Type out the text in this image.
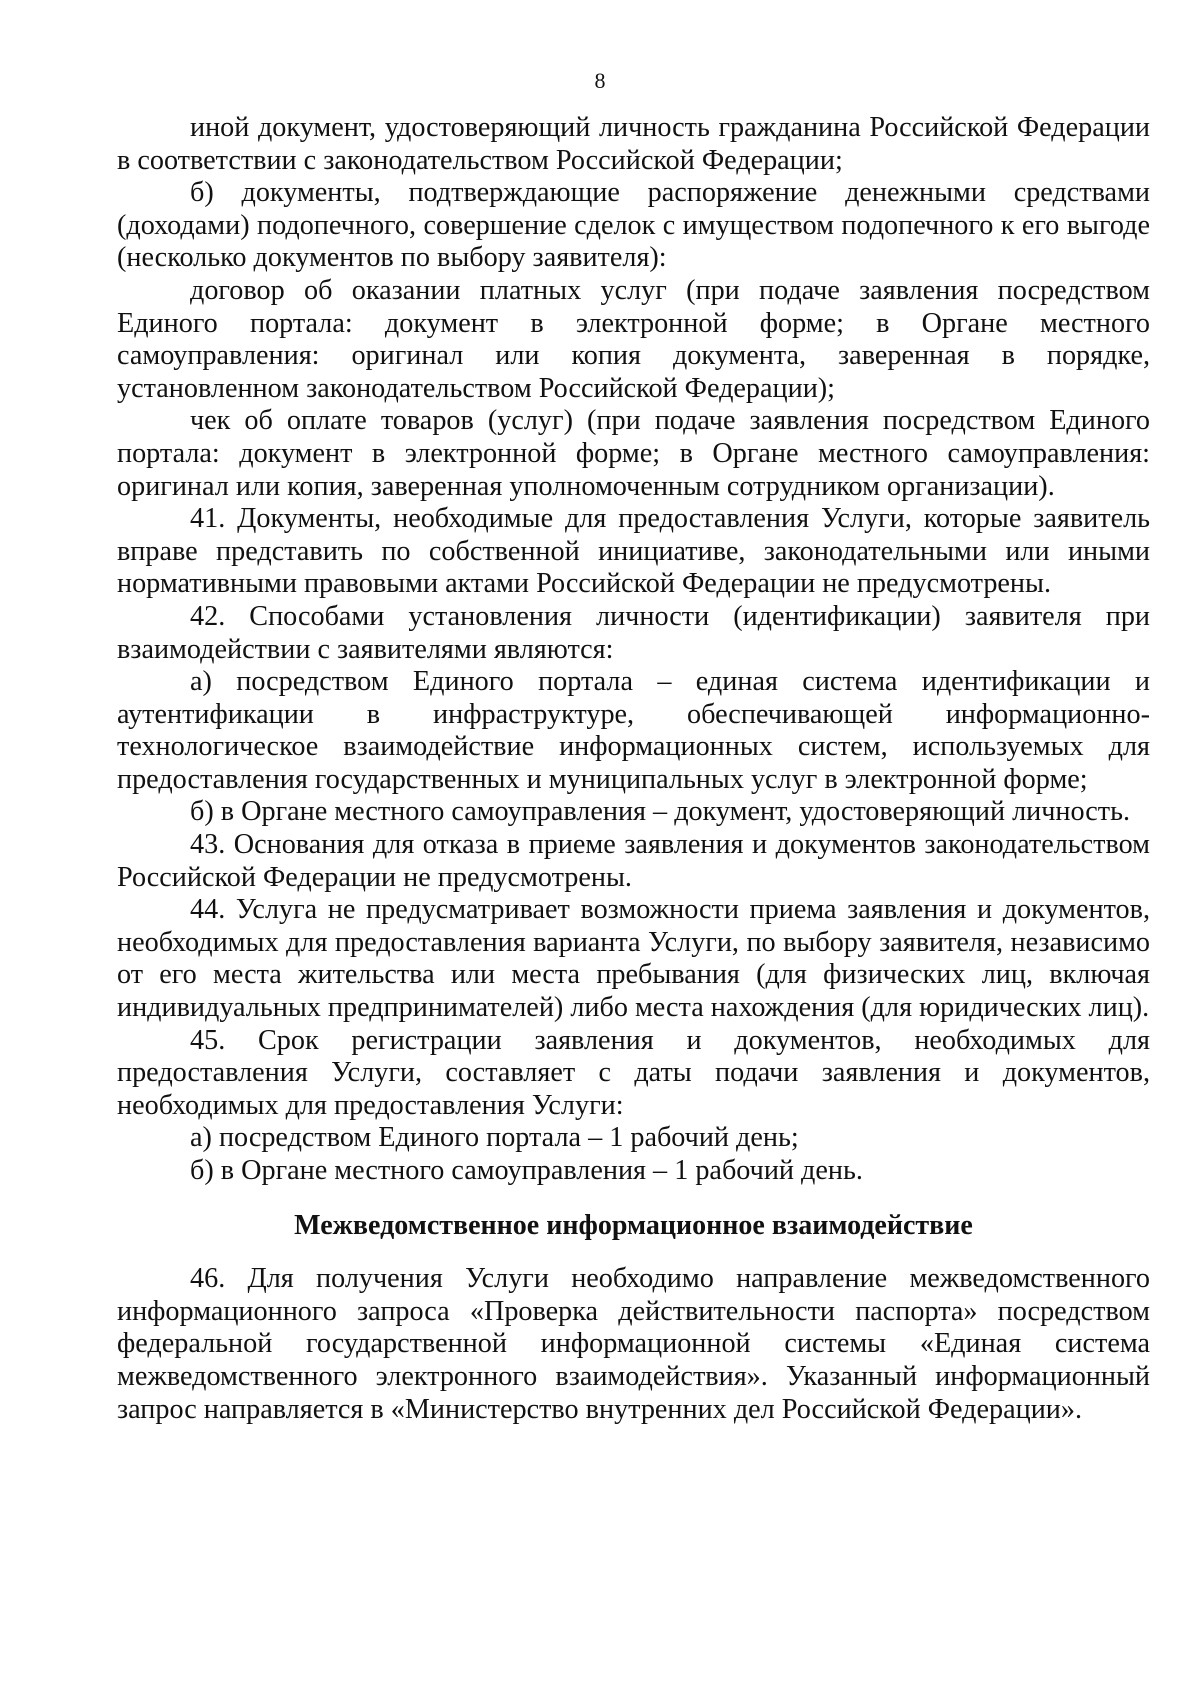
8

иной документ, удостоверяющий личность гражданина Российской Федерации в соответствии с законодательством Российской Федерации;

б) документы, подтверждающие распоряжение денежными средствами (доходами) подопечного, совершение сделок с имуществом подопечного к его выгоде (несколько документов по выбору заявителя):

договор об оказании платных услуг (при подаче заявления посредством Единого портала: документ в электронной форме; в Органе местного самоуправления: оригинал или копия документа, заверенная в порядке, установленном законодательством Российской Федерации);

чек об оплате товаров (услуг) (при подаче заявления посредством Единого портала: документ в электронной форме; в Органе местного самоуправления: оригинал или копия, заверенная уполномоченным сотрудником организации).

41. Документы, необходимые для предоставления Услуги, которые заявитель вправе представить по собственной инициативе, законодательными или иными нормативными правовыми актами Российской Федерации не предусмотрены.

42. Способами установления личности (идентификации) заявителя при взаимодействии с заявителями являются:

а) посредством Единого портала – единая система идентификации и аутентификации в инфраструктуре, обеспечивающей информационно-технологическое взаимодействие информационных систем, используемых для предоставления государственных и муниципальных услуг в электронной форме;

б) в Органе местного самоуправления – документ, удостоверяющий личность.

43. Основания для отказа в приеме заявления и документов законодательством Российской Федерации не предусмотрены.

44. Услуга не предусматривает возможности приема заявления и документов, необходимых для предоставления варианта Услуги, по выбору заявителя, независимо от его места жительства или места пребывания (для физических лиц, включая индивидуальных предпринимателей) либо места нахождения (для юридических лиц).

45. Срок регистрации заявления и документов, необходимых для предоставления Услуги, составляет с даты подачи заявления и документов, необходимых для предоставления Услуги:

а) посредством Единого портала – 1 рабочий день;

б) в Органе местного самоуправления – 1 рабочий день.

Межведомственное информационное взаимодействие

46. Для получения Услуги необходимо направление межведомственного информационного запроса «Проверка действительности паспорта» посредством федеральной государственной информационной системы «Единая система межведомственного электронного взаимодействия». Указанный информационный запрос направляется в «Министерство внутренних дел Российской Федерации».
